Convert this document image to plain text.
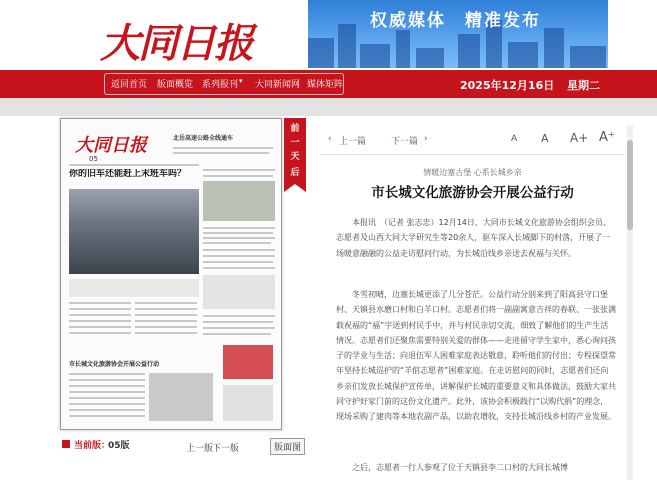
大同日报	权威媒体　精准发布
返回首页 版面概览 系列报刊 ▾ 大同新闻网 媒体矩阵	2025年12月16日 星期二
大同日报
05
北岳高速公路全线通车
你的旧车还能赶上末班车吗？
市长城文化旅游协会开展公益行动
前
一
天
后
一
天
当前版：
05版	上一版
下一版	版面图
‹ 上一篇	下一篇 ›	A A A+ A⁺
情暖边塞古堡 心系长城乡亲
市长城文化旅游协会开展公益行动
本报讯　（记者 张志忠）12月14日，大同市长城文化旅游协会组织会员、志愿者及山西大同大学研究生等20余人，驱车深入长城脚下的村落，开展了一场暖意融融的公益走访慰问行动，为长城沿线乡亲送去祝福与关怀。
冬雪初晴，边塞长城更添了几分苍茫。公益行动分别来到了阳高县守口堡村、天镇县水磨口村和白羊口村。志愿者们将一副副寓意吉祥的春联、一张张满载祝福的“福”字送到村民手中，并与村民亲切交流，细致了解他们的生产生活情况。志愿者们还聚焦需要特别关爱的群体——走进留守学生家中，悉心询问孩子的学业与生活；向退伍军人困难家庭表达敬意，聆听他们的付出；专程探望常年坚持长城巡护的“羊倌志愿者”困难家庭。在走访慰问的同时，志愿者们还向乡亲们发放长城保护宣传单，讲解保护长城的重要意义和具体做法，鼓励大家共同守护好家门前的这份文化遗产。此外，该协会积极践行“以购代捐”的理念，现场采购了建肉等本地农副产品，以助农增收，支持长城沿线乡村的产业发展。
之后，志愿者一行人参观了位于天镇县李二口村的大同长城博
